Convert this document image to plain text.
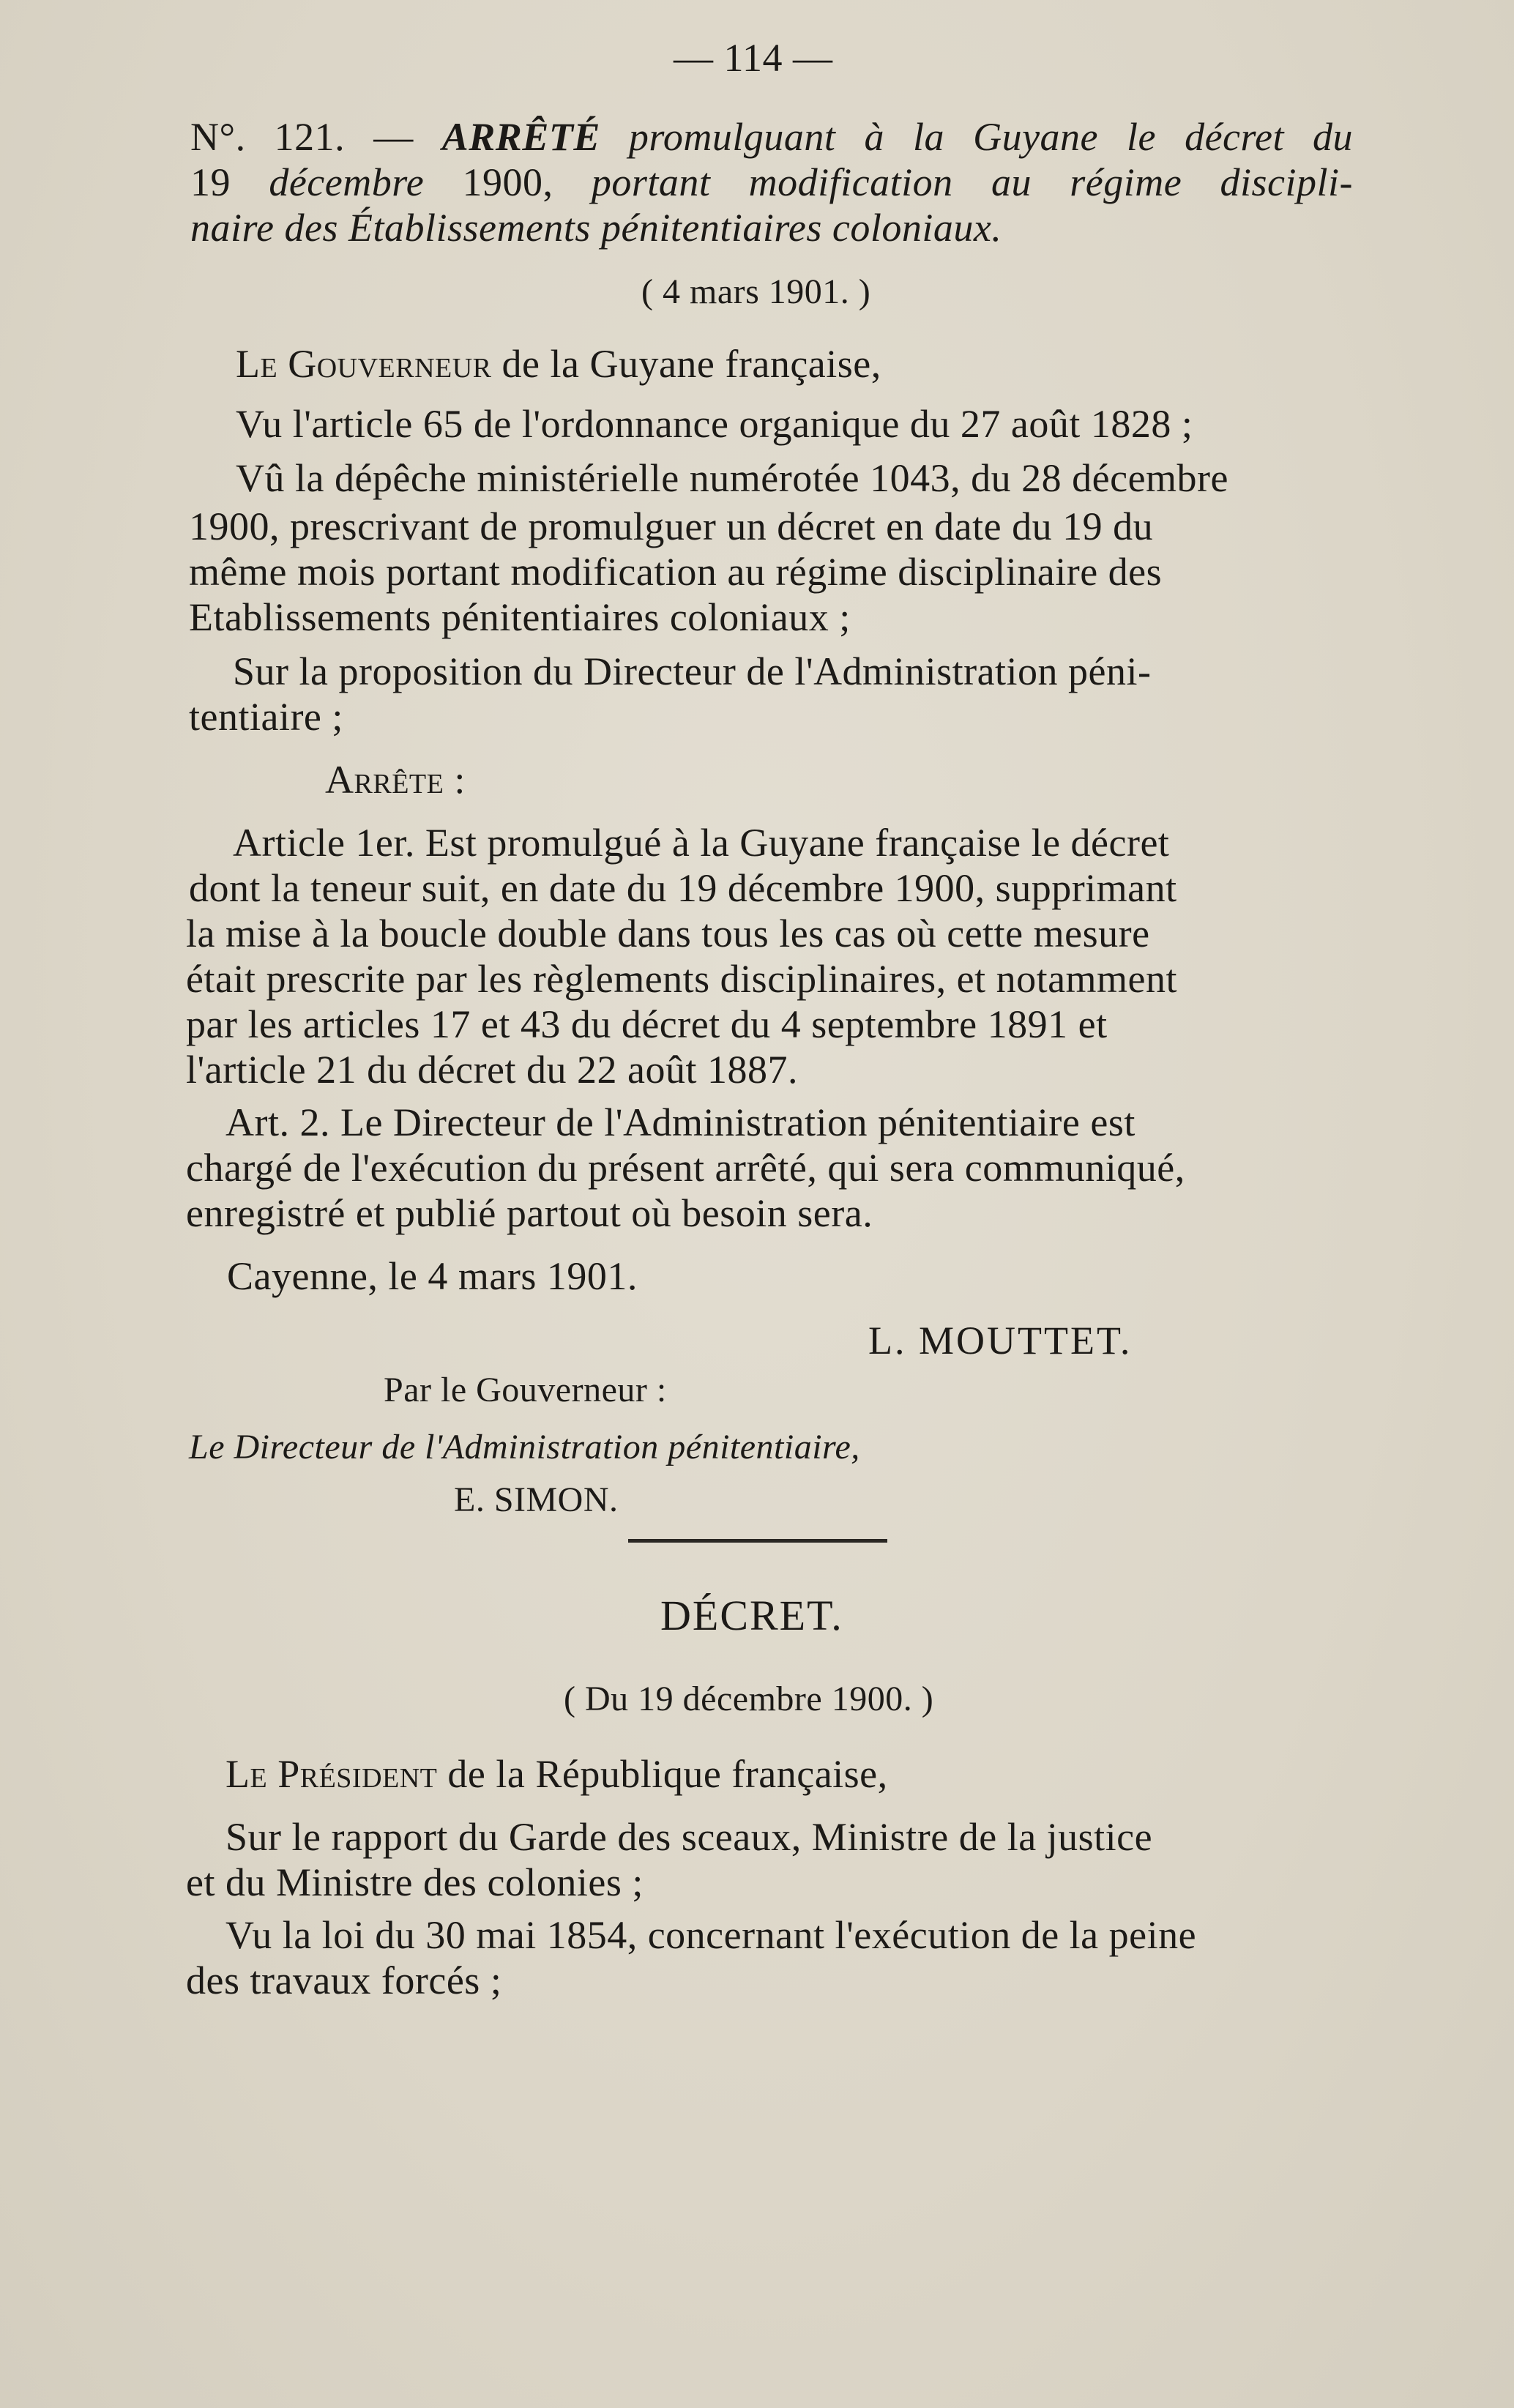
— 114 —
N°. 121. — ARRÊTÉ promulguant à la Guyane le décret du
19 décembre 1900, portant modification au régime discipli-
naire des Établissements pénitentiaires coloniaux.
( 4 mars 1901. )
Le Gouverneur de la Guyane française,
Vu l'article 65 de l'ordonnance organique du 27 août 1828 ;
Vû la dépêche ministérielle numérotée 1043, du 28 décembre
1900, prescrivant de promulguer un décret en date du 19 du
même mois portant modification au régime disciplinaire des
Etablissements pénitentiaires coloniaux ;
Sur la proposition du Directeur de l'Administration péni-
tentiaire ;
Arrête :
Article 1er. Est promulgué à la Guyane française le décret
dont la teneur suit, en date du 19 décembre 1900, supprimant
la mise à la boucle double dans tous les cas où cette mesure
était prescrite par les règlements disciplinaires, et notamment
par les articles 17 et 43 du décret du 4 septembre 1891 et
l'article 21 du décret du 22 août 1887.
Art. 2. Le Directeur de l'Administration pénitentiaire est
chargé de l'exécution du présent arrêté, qui sera communiqué,
enregistré et publié partout où besoin sera.
Cayenne, le 4 mars 1901.
L. MOUTTET.
Par le Gouverneur :
Le Directeur de l'Administration pénitentiaire,
E. SIMON.
DÉCRET.
( Du 19 décembre 1900. )
Le Président de la République française,
Sur le rapport du Garde des sceaux, Ministre de la justice
et du Ministre des colonies ;
Vu la loi du 30 mai 1854, concernant l'exécution de la peine
des travaux forcés ;
